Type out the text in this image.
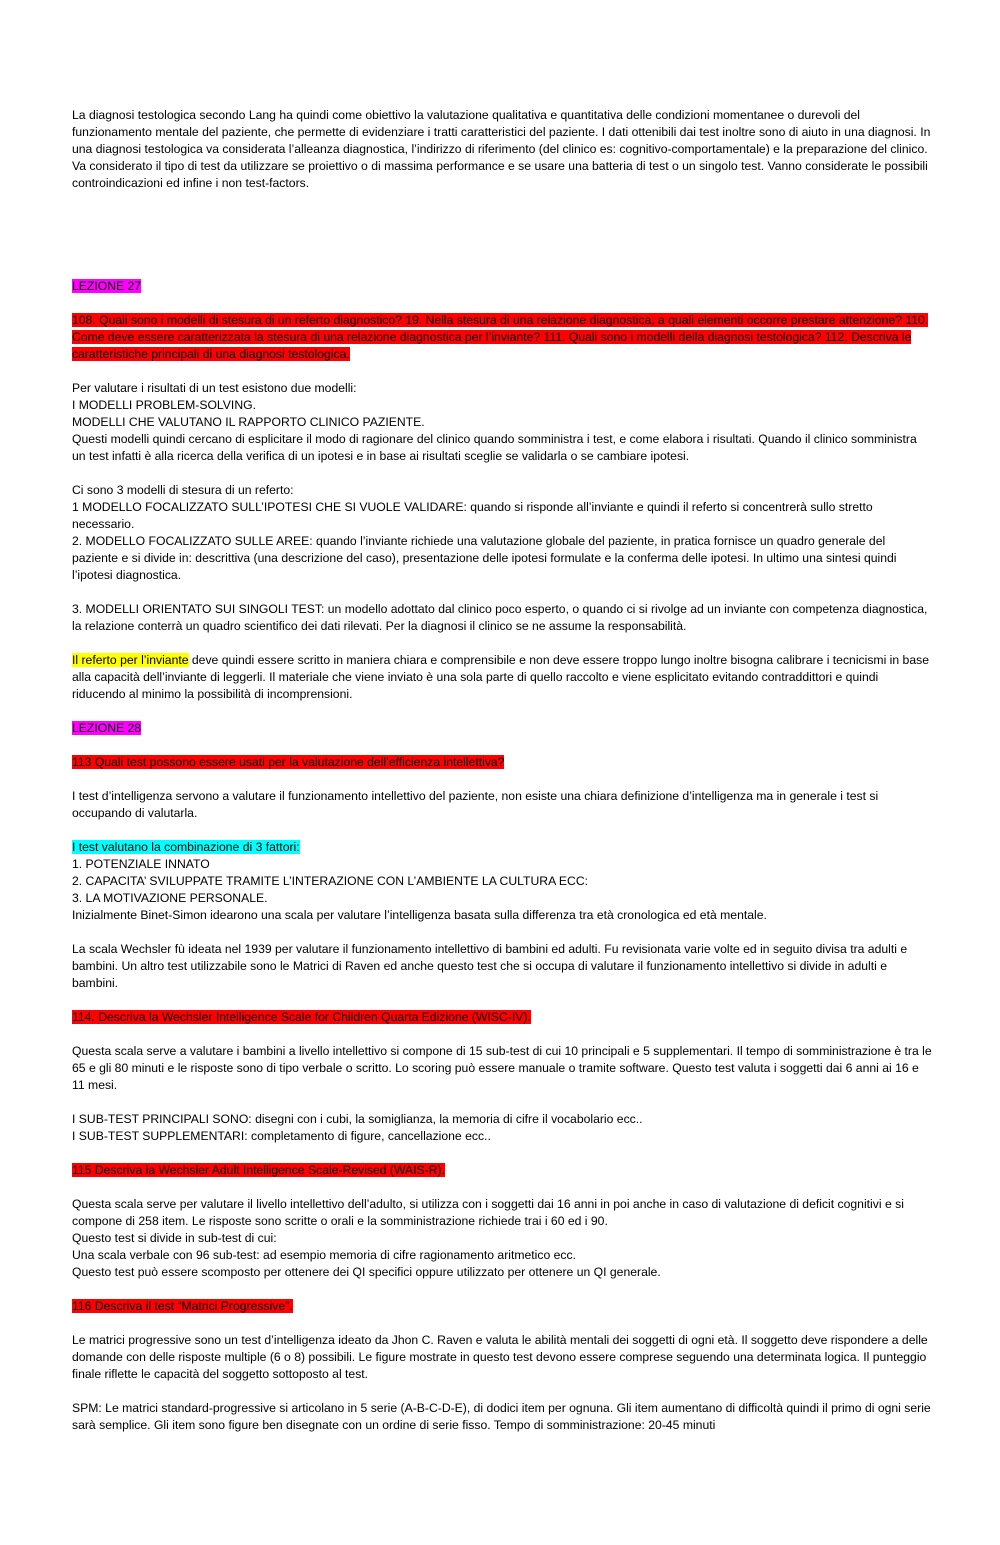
La diagnosi testologica secondo Lang ha quindi come obiettivo la valutazione qualitativa e quantitativa delle condizioni momentanee o durevoli del funzionamento mentale del paziente, che permette di evidenziare i tratti caratteristici del paziente. I dati ottenibili dai test inoltre sono di aiuto in una diagnosi. In una diagnosi testologica va considerata l’alleanza diagnostica, l’indirizzo di riferimento (del clinico es: cognitivo-comportamentale) e la preparazione del clinico. Va considerato il tipo di test da utilizzare se proiettivo o di massima performance e se usare una batteria di test o un singolo test. Vanno considerate le possibili controindicazioni ed infine i non test-factors.

LEZIONE 27

108. Quali sono i modelli di stesura di un referto diagnostico? 19. Nella stesura di una relazione diagnostica, a quali elementi occorre prestare attenzione? 110. Come deve essere caratterizzata la stesura di una relazione diagnostica per l’inviante? 111. Quali sono i modelli della diagnosi testologica? 112. Descriva le caratteristiche principali di una diagnosi testologica.

Per valutare i risultati di un test esistono due modelli:

I MODELLI PROBLEM-SOLVING.

MODELLI CHE VALUTANO IL RAPPORTO CLINICO PAZIENTE.

Questi modelli quindi cercano di esplicitare il modo di ragionare del clinico quando somministra i test, e come elabora i risultati. Quando il clinico somministra un test infatti è alla ricerca della verifica di un ipotesi e in base ai risultati sceglie se validarla o se cambiare ipotesi.

Ci sono 3 modelli di stesura di un referto:

1 MODELLO FOCALIZZATO SULL’IPOTESI CHE SI VUOLE VALIDARE: quando si risponde all’inviante e quindi il referto si concentrerà sullo stretto necessario.

2. MODELLO FOCALIZZATO SULLE AREE: quando l’inviante richiede una valutazione globale del paziente, in pratica fornisce un quadro generale del paziente e si divide in: descrittiva (una descrizione del caso), presentazione delle ipotesi formulate e la conferma delle ipotesi. In ultimo una sintesi quindi l’ipotesi diagnostica.

3. MODELLI ORIENTATO SUI SINGOLI TEST: un modello adottato dal clinico poco esperto, o quando ci si rivolge ad un inviante con competenza diagnostica, la relazione conterrà un quadro scientifico dei dati rilevati. Per la diagnosi il clinico se ne assume la responsabilità.

Il referto per l’inviante deve quindi essere scritto in maniera chiara e comprensibile e non deve essere troppo lungo inoltre bisogna calibrare i tecnicismi in base alla capacità dell’inviante di leggerli. Il materiale che viene inviato è una sola parte di quello raccolto e viene esplicitato evitando contraddittori e quindi riducendo al minimo la possibilità di incomprensioni.

LEZIONE 28

113 Quali test possono essere usati per la valutazione dell’efficienza intellettiva?

I test d’intelligenza servono a valutare il funzionamento intellettivo del paziente, non esiste una chiara definizione d’intelligenza ma in generale i test si occupando di valutarla.

I test valutano la combinazione di 3 fattori:

1. POTENZIALE INNATO

2. CAPACITA’ SVILUPPATE TRAMITE L’INTERAZIONE CON L’AMBIENTE LA CULTURA ECC:

3. LA MOTIVAZIONE PERSONALE.

Inizialmente Binet-Simon idearono una scala per valutare l’intelligenza basata sulla differenza tra età cronologica ed età mentale.

La scala Wechsler fù ideata nel 1939 per valutare il funzionamento intellettivo di bambini ed adulti. Fu revisionata varie volte ed in seguito divisa tra adulti e bambini. Un altro test utilizzabile sono le Matrici di Raven ed anche questo test che si occupa di valutare il funzionamento intellettivo si divide in adulti e bambini.

114. Descriva la Wechsler Intelligence Scale for Children Quarta Edizione (WISC-IV).

Questa scala serve a valutare i bambini a livello intellettivo si compone di 15 sub-test di cui 10 principali e 5 supplementari. Il tempo di somministrazione è tra le 65 e gli 80 minuti e le risposte sono di tipo verbale o scritto. Lo scoring può essere manuale o tramite software. Questo test valuta i soggetti dai 6 anni ai 16 e 11 mesi.

I SUB-TEST PRINCIPALI SONO: disegni con i cubi, la somiglianza, la memoria di cifre il vocabolario ecc..

I SUB-TEST SUPPLEMENTARI: completamento di figure, cancellazione ecc..

115 Descriva la Wechsler Adult Intelligence Scale-Revised (WAIS-R).

Questa scala serve per valutare il livello intellettivo dell’adulto, si utilizza con i soggetti dai 16 anni in poi anche in caso di valutazione di deficit cognitivi e si compone di 258 item. Le risposte sono scritte o orali e la somministrazione richiede trai i 60 ed i 90.

Questo test si divide in sub-test di cui:

Una scala verbale con 96 sub-test: ad esempio memoria di cifre ragionamento aritmetico ecc.

Questo test può essere scomposto per ottenere dei QI specifici oppure utilizzato per ottenere un QI generale.

116 Descriva il test “Matrici Progressive”.

Le matrici progressive sono un test d’intelligenza ideato da Jhon C. Raven e valuta le abilità mentali dei soggetti di ogni età. Il soggetto deve rispondere a delle domande con delle risposte multiple (6 o 8) possibili. Le figure mostrate in questo test devono essere comprese seguendo una determinata logica. Il punteggio finale riflette le capacità del soggetto sottoposto al test.

SPM: Le matrici standard-progressive si articolano in 5 serie (A-B-C-D-E), di dodici item per ognuna. Gli item aumentano di difficoltà quindi il primo di ogni serie sarà semplice. Gli item sono figure ben disegnate con un ordine di serie fisso. Tempo di somministrazione: 20-45 minuti
